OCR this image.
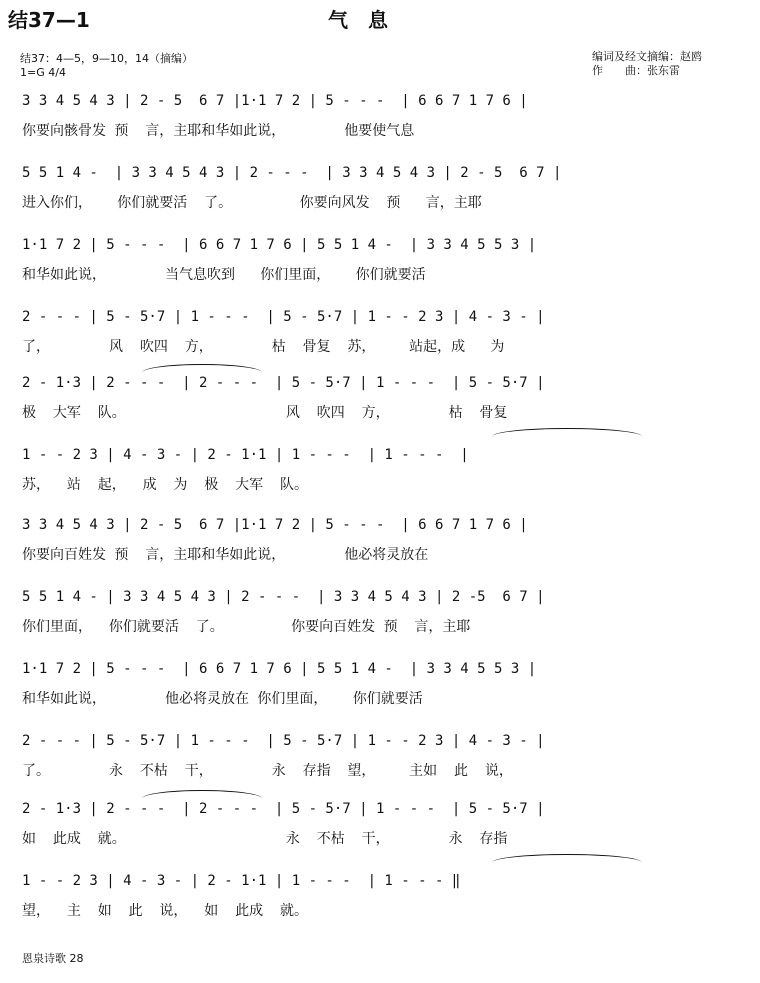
结37—1	气　息
结37：4—5，9—10，14（摘编）
1=G 4/4
编词及经文摘编：赵鸥
作　　曲：张东雷
3 3 4 5 4 3 | 2 - 5  6 7 |1·1 7 2 | 5 - - -  | 6 6 7 1 7 6 |
你要向骸骨发 预  言，主耶和华如此说，       他要使气息
5 5 1 4 -  | 3 3 4 5 4 3 | 2 - - -  | 3 3 4 5 4 3 | 2 - 5  6 7 |
进入你们，   你们就要活  了。        你要向风发  预   言，主耶
1·1 7 2 | 5 - - -  | 6 6 7 1 7 6 | 5 5 1 4 -  | 3 3 4 5 5 3 |
和华如此说，       当气息吹到   你们里面，   你们就要活
2 - - - | 5 - 5·7 | 1 - - -  | 5 - 5·7 | 1 - - 2 3 | 4 - 3 - |
了，       风  吹四  方，       枯  骨复  苏，    站起，成   为
2 - 1·3 | 2 - - -  | 2 - - -  | 5 - 5·7 | 1 - - -  | 5 - 5·7 |
极  大军  队。                   风  吹四  方，       枯  骨复
1 - - 2 3 | 4 - 3 - | 2 - 1·1 | 1 - - -  | 1 - - -  |
苏，  站  起，  成  为  极  大军  队。
3 3 4 5 4 3 | 2 - 5  6 7 |1·1 7 2 | 5 - - -  | 6 6 7 1 7 6 |
你要向百姓发 预  言，主耶和华如此说，       他必将灵放在
5 5 1 4 - | 3 3 4 5 4 3 | 2 - - -  | 3 3 4 5 4 3 | 2 -5  6 7 |
你们里面，  你们就要活  了。        你要向百姓发 预  言，主耶
1·1 7 2 | 5 - - -  | 6 6 7 1 7 6 | 5 5 1 4 -  | 3 3 4 5 5 3 |
和华如此说，       他必将灵放在 你们里面，   你们就要活
2 - - - | 5 - 5·7 | 1 - - -  | 5 - 5·7 | 1 - - 2 3 | 4 - 3 - |
了。       永  不枯  干，       永  存指  望，    主如  此  说，
2 - 1·3 | 2 - - -  | 2 - - -  | 5 - 5·7 | 1 - - -  | 5 - 5·7 |
如  此成  就。                   永  不枯  干，       永  存指
1 - - 2 3 | 4 - 3 - | 2 - 1·1 | 1 - - -  | 1 - - - ‖
望，  主  如  此  说，  如  此成  就。
恩泉诗歌 28
